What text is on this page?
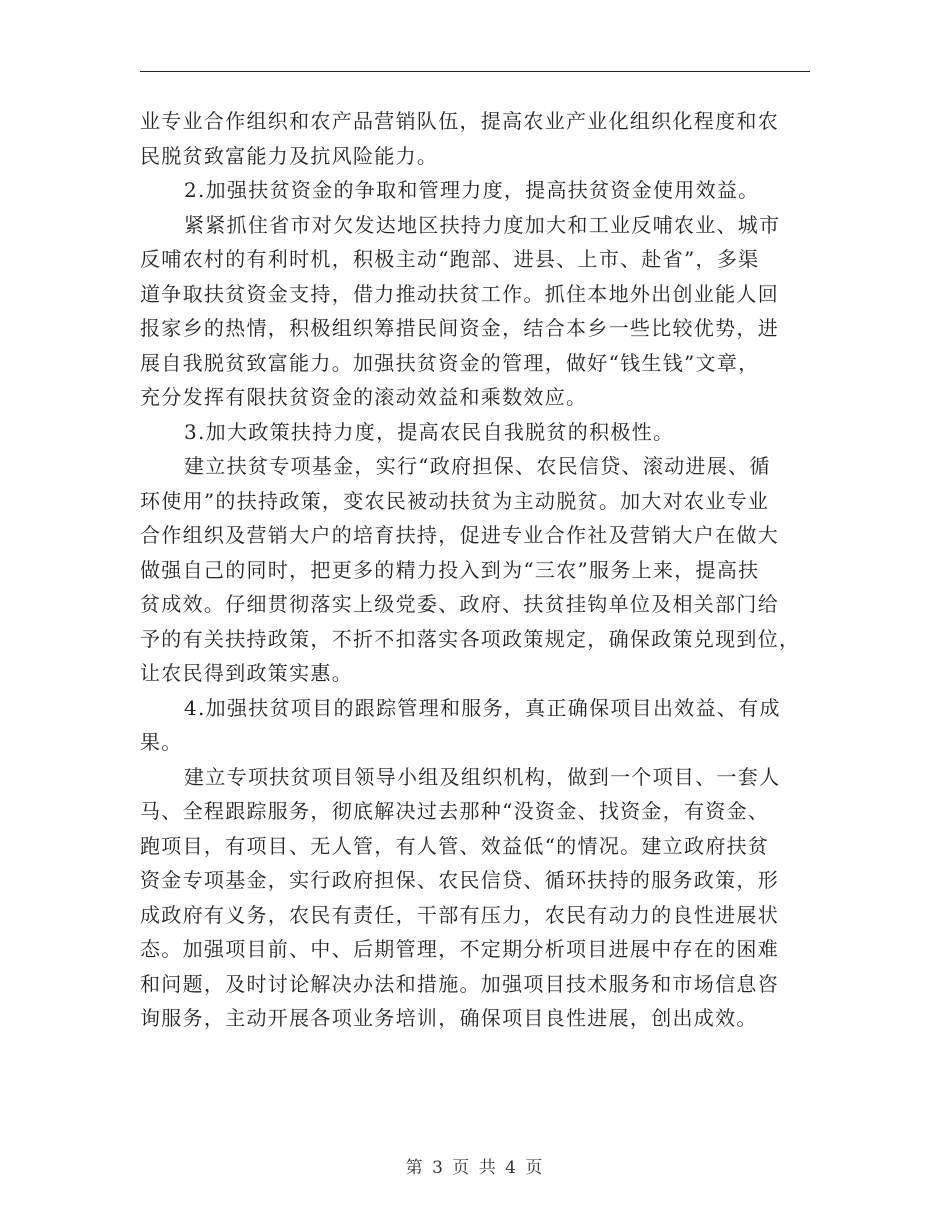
业专业合作组织和农产品营销队伍，提高农业产业化组织化程度和农
民脱贫致富能力及抗风险能力。
2.加强扶贫资金的争取和管理力度，提高扶贫资金使用效益。
紧紧抓住省市对欠发达地区扶持力度加大和工业反哺农业、城市
反哺农村的有利时机，积极主动“跑部、进县、上市、赴省”，多渠
道争取扶贫资金支持，借力推动扶贫工作。抓住本地外出创业能人回
报家乡的热情，积极组织筹措民间资金，结合本乡一些比较优势，进
展自我脱贫致富能力。加强扶贫资金的管理，做好“钱生钱”文章，
充分发挥有限扶贫资金的滚动效益和乘数效应。
3.加大政策扶持力度，提高农民自我脱贫的积极性。
建立扶贫专项基金，实行“政府担保、农民信贷、滚动进展、循
环使用”的扶持政策，变农民被动扶贫为主动脱贫。加大对农业专业
合作组织及营销大户的培育扶持，促进专业合作社及营销大户在做大
做强自己的同时，把更多的精力投入到为“三农”服务上来，提高扶
贫成效。仔细贯彻落实上级党委、政府、扶贫挂钩单位及相关部门给
予的有关扶持政策，不折不扣落实各项政策规定，确保政策兑现到位，
让农民得到政策实惠。
4.加强扶贫项目的跟踪管理和服务，真正确保项目出效益、有成
果。
建立专项扶贫项目领导小组及组织机构，做到一个项目、一套人
马、全程跟踪服务，彻底解决过去那种“没资金、找资金，有资金、
跑项目，有项目、无人管，有人管、效益低“的情况。建立政府扶贫
资金专项基金，实行政府担保、农民信贷、循环扶持的服务政策，形
成政府有义务，农民有责任，干部有压力，农民有动力的良性进展状
态。加强项目前、中、后期管理，不定期分析项目进展中存在的困难
和问题，及时讨论解决办法和措施。加强项目技术服务和市场信息咨
询服务，主动开展各项业务培训，确保项目良性进展，创出成效。
第 3 页 共 4 页
